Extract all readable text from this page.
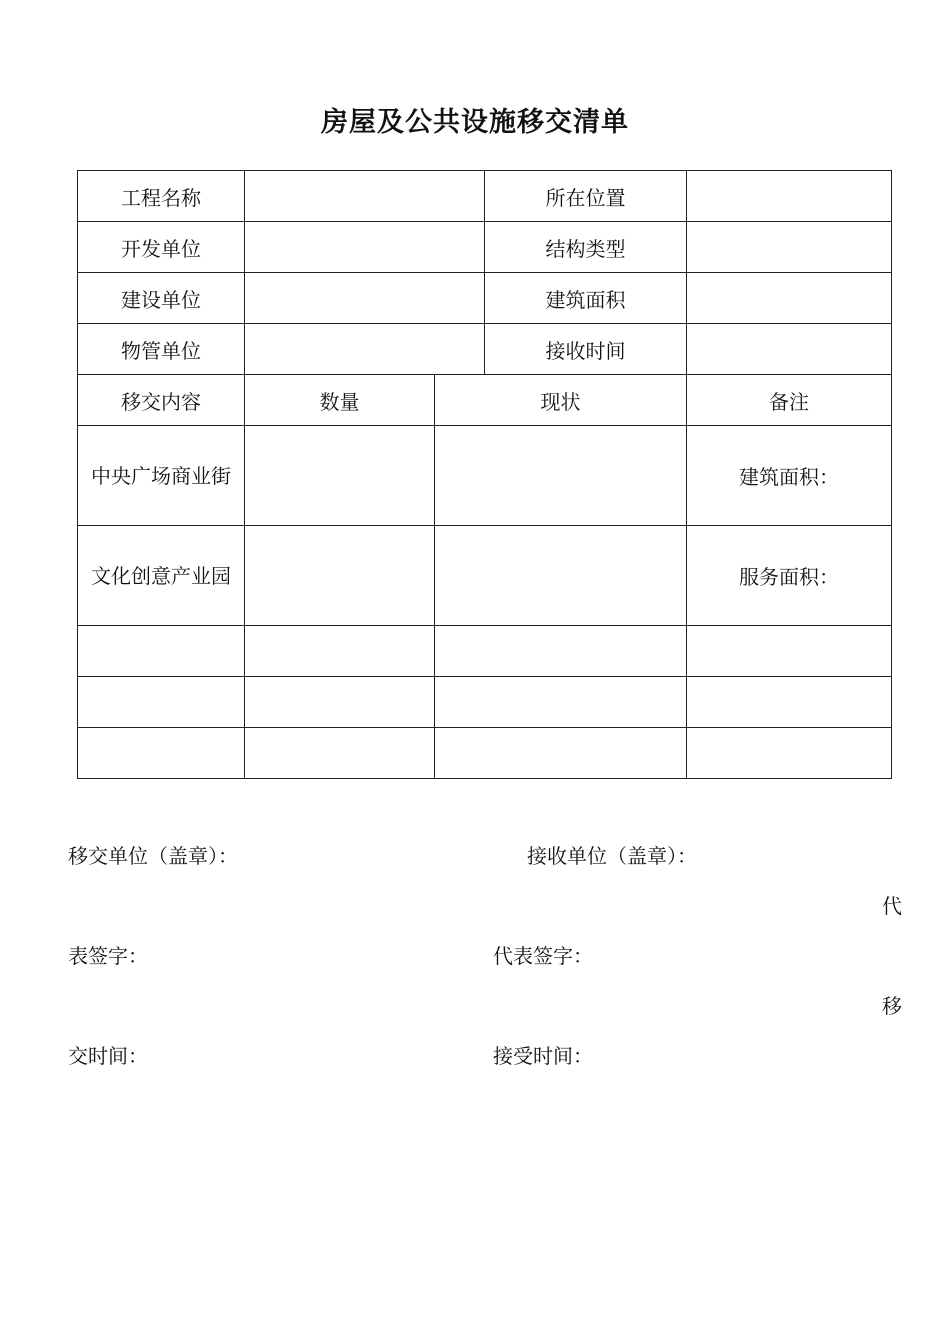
房屋及公共设施移交清单
工程名称			所在位置	
开发单位			结构类型	
建设单位			建筑面积	
物管单位			接收时间	
移交内容	数量	现状		备注

中央广场商业街				建筑面积：

文化创意产业园				服务面积：

移交单位（盖章）：	接收单位（盖章）：
代
表签字：	代表签字：
移
交时间：	接受时间：
